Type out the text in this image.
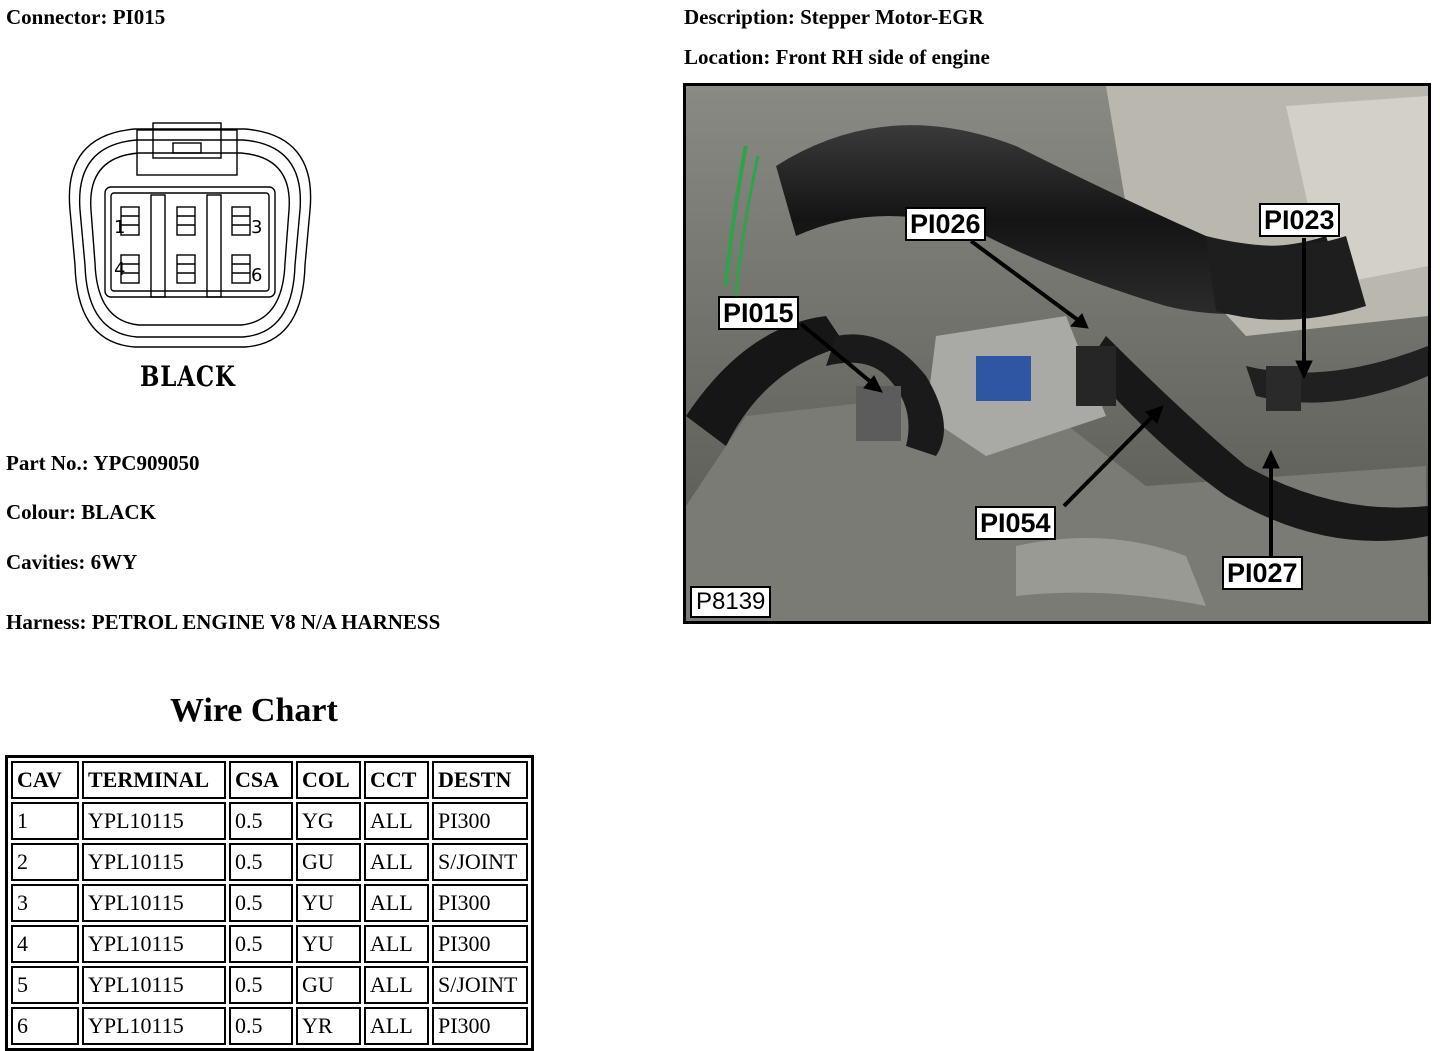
Connector: PI015	Description: Stepper Motor-EGR
Location: Front RH side of engine
1	3
4	6
BLACK
Part No.: YPC909050
Colour: BLACK
Cavities: 6WY
Harness: PETROL ENGINE V8 N/A HARNESS
Wire Chart
CAV	TERMINAL	CSA	COL	CCT	DESTN
1	YPL10115	0.5	YG	ALL	PI300
2	YPL10115	0.5	GU	ALL	S/JOINT
3	YPL10115	0.5	YU	ALL	PI300
4	YPL10115	0.5	YU	ALL	PI300
5	YPL10115	0.5	GU	ALL	S/JOINT
6	YPL10115	0.5	YR	ALL	PI300
PI026	PI023
PI015
PI054
PI027
P8139
